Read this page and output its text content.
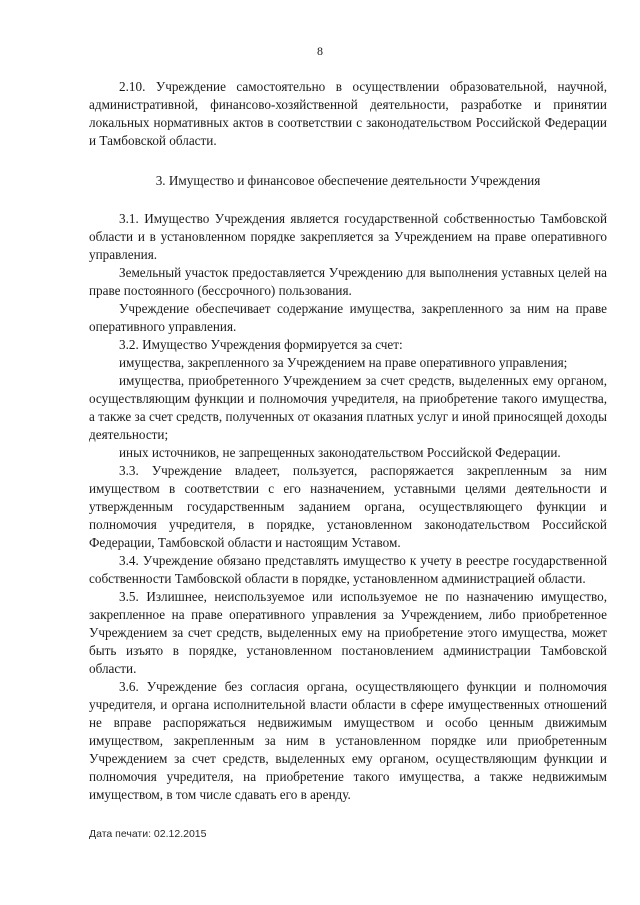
8

2.10. Учреждение самостоятельно в осуществлении образовательной, научной, административной, финансово-хозяйственной деятельности, разработке и принятии локальных нормативных актов в соответствии с законодательством Российской Федерации и Тамбовской области.

3. Имущество и финансовое обеспечение деятельности Учреждения

3.1. Имущество Учреждения является государственной собственностью Тамбовской области и в установленном порядке закрепляется за Учреждением на праве оперативного управления.

Земельный участок предоставляется Учреждению для выполнения уставных целей на праве постоянного (бессрочного) пользования.

Учреждение обеспечивает содержание имущества, закрепленного за ним на праве оперативного управления.

3.2. Имущество Учреждения формируется за счет:

имущества, закрепленного за Учреждением на праве оперативного управления;

имущества, приобретенного Учреждением за счет средств, выделенных ему органом, осуществляющим функции и полномочия учредителя, на приобретение такого имущества, а также за счет средств, полученных от оказания платных услуг и иной приносящей доходы деятельности;

иных источников, не запрещенных законодательством Российской Федерации.

3.3. Учреждение владеет, пользуется, распоряжается закрепленным за ним имуществом в соответствии с его назначением, уставными целями деятельности и утвержденным государственным заданием органа, осуществляющего функции и полномочия учредителя, в порядке, установленном законодательством Российской Федерации, Тамбовской области и настоящим Уставом.

3.4. Учреждение обязано представлять имущество к учету в реестре государственной собственности Тамбовской области в порядке, установленном администрацией области.

3.5. Излишнее, неиспользуемое или используемое не по назначению имущество, закрепленное на праве оперативного управления за Учреждением, либо приобретенное Учреждением за счет средств, выделенных ему на приобретение этого имущества, может быть изъято в порядке, установленном постановлением администрации Тамбовской области.

3.6. Учреждение без согласия органа, осуществляющего функции и полномочия учредителя, и органа исполнительной власти области в сфере имущественных отношений не вправе распоряжаться недвижимым имуществом и особо ценным движимым имуществом, закрепленным за ним в установленном порядке или приобретенным Учреждением за счет средств, выделенных ему органом, осуществляющим функции и полномочия учредителя, на приобретение такого имущества, а также недвижимым имуществом, в том числе сдавать его в аренду.

Дата печати: 02.12.2015
